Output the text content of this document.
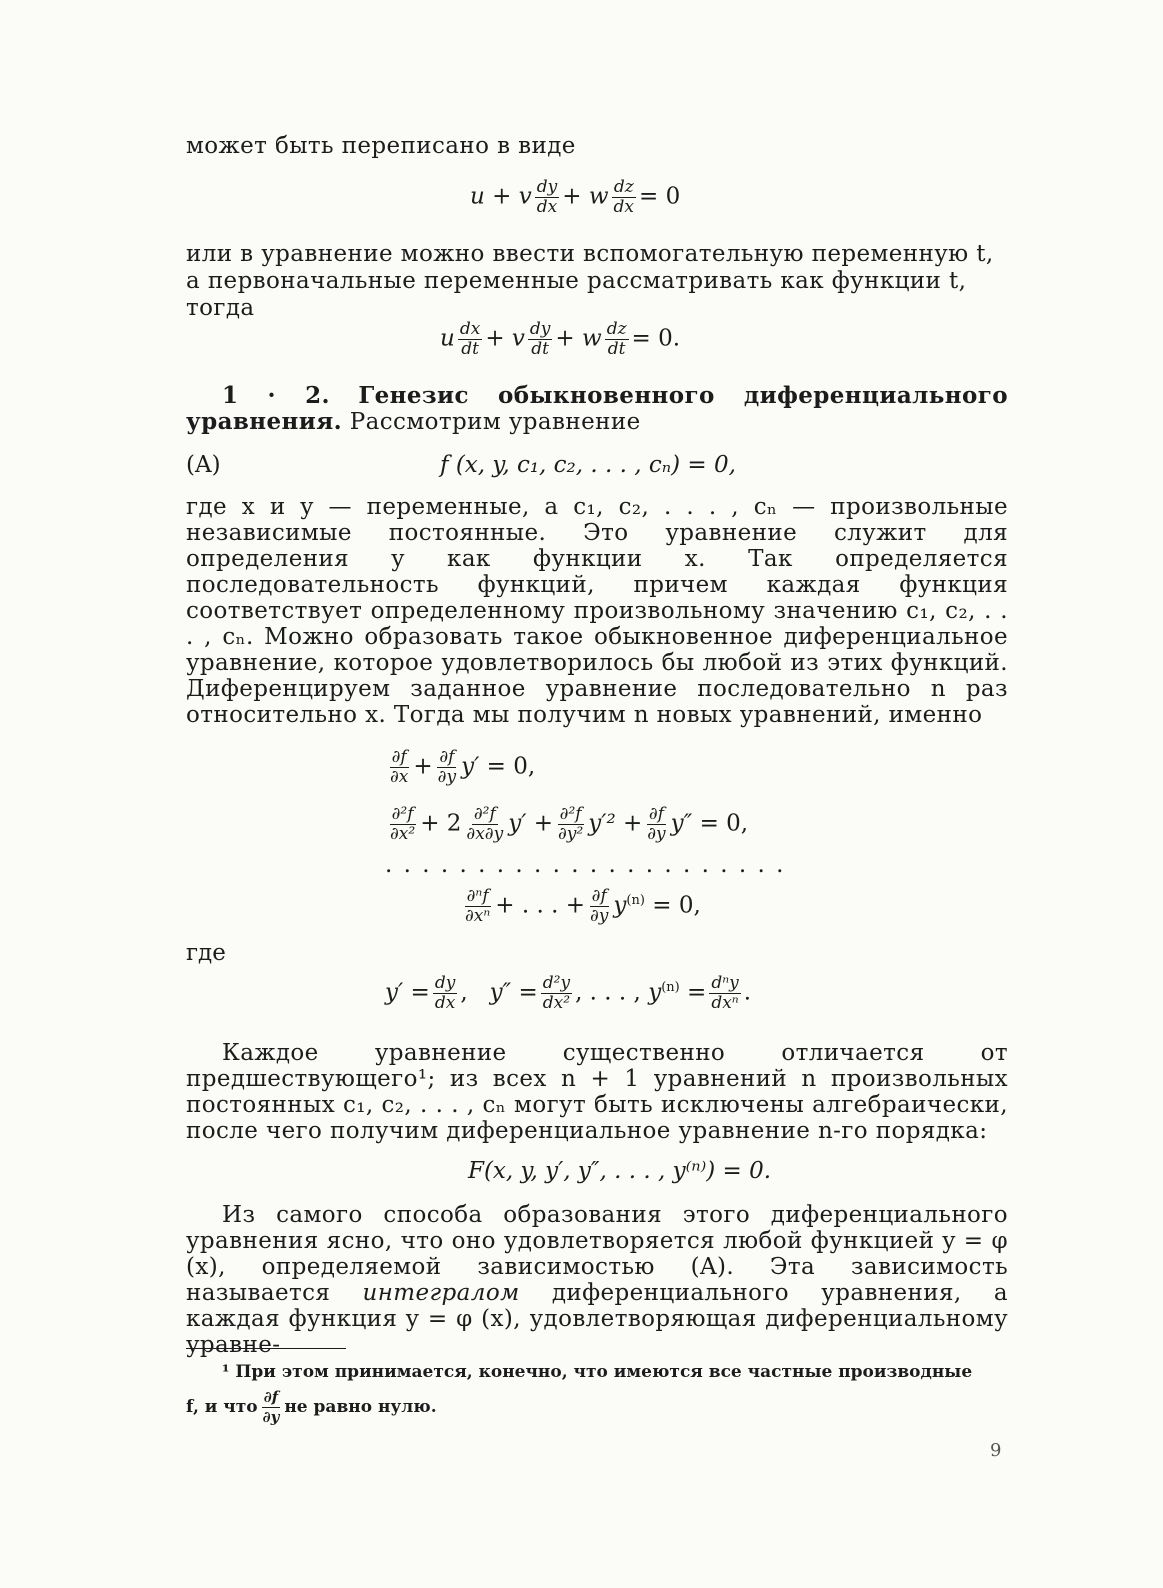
может быть переписано в виде

u + v $\frac{dy}{dx} + w \frac{dz}{dx} = 0$

или в уравнение можно ввести вспомогательную переменную t,
а первоначальные переменные рассматривать как функции t,
тогда

u $\frac{dx}{dt} + v \frac{dy}{dt} + w \frac{dz}{dt} = 0$.

1 · 2. Генезис обыкновенного диференциального уравнения. Рассмотрим уравнение

(A)	f (x, y, c₁, c₂, . . . , cₙ) = 0,

где x и y — переменные, а c₁, c₂, . . . , cₙ — произвольные независимые постоянные. Это уравнение служит для определения y как функции x. Так определяется последовательность функций, причем каждая функция соответствует определенному произвольному значению c₁, c₂, . . . , cₙ. Можно образовать такое обыкновенное диференциальное уравнение, которое удовлетворилось бы любой из этих функций. Диференцируем заданное уравнение последовательно n раз относительно x. Тогда мы получим n новых уравнений, именно

$\frac{\partial f}{\partial x} + \frac{\partial f}{\partial y} y' = 0$,
$\frac{\text{∂²f}}{\text{∂x²}} + 2 \frac{\text{∂²f}}{\partial x\partial y} y' + \frac{\text{∂²f}}{\text{∂y²}} y'^2 + \frac{\partial f}{\partial y} y'' = 0$,
. . . . . . . . . . . . . . . . . . . . . .
$\frac{\text{∂ⁿf}}{\text{∂xⁿ}}$ + . . . + $\frac{\partial f}{\partial y} y^{(n)} = 0$,
где
$y' = \frac{dy}{dx}$ ,   $y'' = \frac{\text{d²y}}{\text{dx²}}$ , . . . , $y^{(n)} = \frac{\text{dⁿy}}{\text{dxⁿ}}$ .

Каждое уравнение существенно отличается от предшествующего¹; из всех n + 1 уравнений n произвольных постоянных c₁, c₂, . . . , cₙ могут быть исключены алгебраически, после чего получим диференциальное уравнение n-го порядка:

F(x, y, y′, y″, . . . , y⁽ⁿ⁾) = 0.

Из самого способа образования этого диференциального уравнения ясно, что оно удовлетворяется любой функцией y = φ (x), определяемой зависимостью (A). Эта зависимость называется интегралом диференциального уравнения, а каждая функция y = φ (x), удовлетворяющая диференциальному уравне-

¹ При этом принимается, конечно, что имеются все частные производные
f, и что $\frac{\partial f}{\partial y}$ не равно нулю.
9
